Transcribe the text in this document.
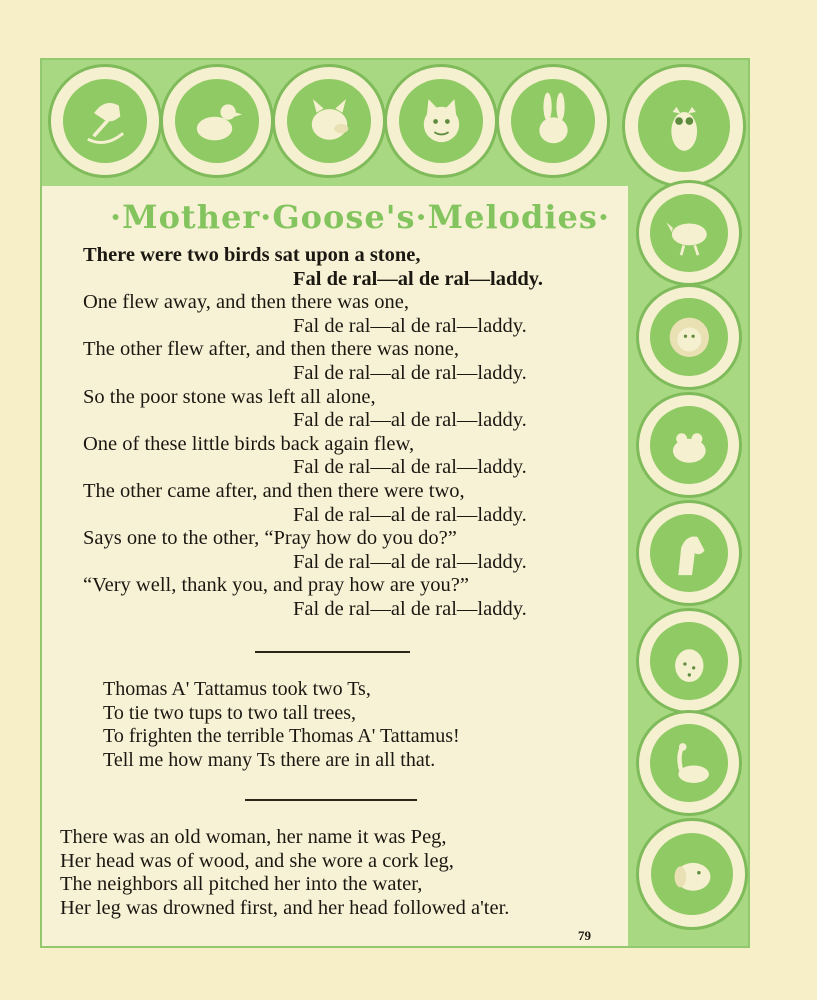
·Mother·Goose's·Melodies·
There were two birds sat upon a stone,
Fal de ral—al de ral—laddy.
One flew away, and then there was one,
Fal de ral—al de ral—laddy.
The other flew after, and then there was none,
Fal de ral—al de ral—laddy.
So the poor stone was left all alone,
Fal de ral—al de ral—laddy.
One of these little birds back again flew,
Fal de ral—al de ral—laddy.
The other came after, and then there were two,
Fal de ral—al de ral—laddy.
Says one to the other, “Pray how do you do?”
Fal de ral—al de ral—laddy.
“Very well, thank you, and pray how are you?”
Fal de ral—al de ral—laddy.
Thomas A' Tattamus took two Ts,
To tie two tups to two tall trees,
To frighten the terrible Thomas A' Tattamus!
Tell me how many Ts there are in all that.
There was an old woman, her name it was Peg,
Her head was of wood, and she wore a cork leg,
The neighbors all pitched her into the water,
Her leg was drowned first, and her head followed a'ter.
79
